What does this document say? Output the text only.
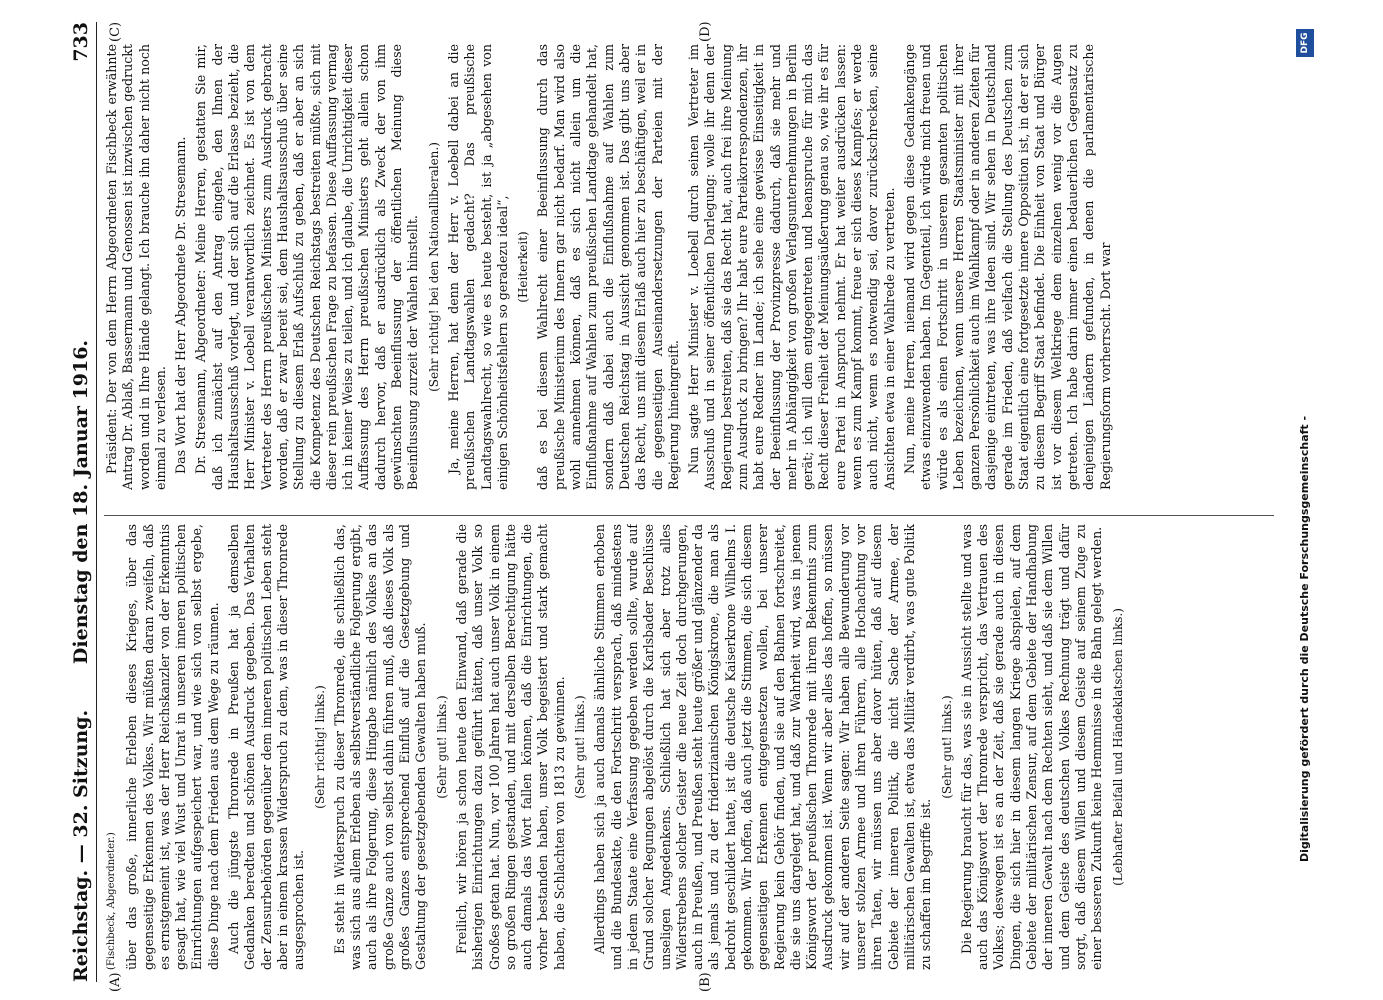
Reichstag. — 32. Sitzung.
Dienstag den 18. Januar 1916.
733
(A)	(B)
(C)	(D)

(Fischbeck, Abgeordneter.) über das große, innerliche Erleben dieses Krieges, über das gegenseitige Erkennen des Volkes. Wir müßten daran zweifeln, daß es ernstgemeint ist, was der Herr Reichskanzler von der Erkenntnis gesagt hat, wie viel Wust und Unrat in unseren inneren politischen Einrichtungen aufgespeichert war, und wie sich von selbst ergebe, diese Dinge nach dem Frieden aus dem Wege zu räumen. Auch die jüngste Thronrede in Preußen hat ja demselben Gedanken beredten und schönen Ausdruck gegeben. Das Verhalten der Zensurbehörden gegenüber dem inneren politischen Leben steht aber in einem krassen Widerspruch zu dem, was in dieser Thronrede ausgesprochen ist.

(Sehr richtig! links.) Es steht in Widerspruch zu dieser Thronrede, die schließlich das, was sich aus allem Erleben als selbstverständliche Folgerung ergibt, auch als ihre Folgerung, diese Hingabe nämlich des Volkes an das große Ganze auch von selbst dahin führen muß, daß dieses Volk als großes Ganzes entsprechend Einfluß auf die Gesetzgebung und Gestaltung der gesetzgebenden Gewalten haben muß. (Sehr gut! links.) Freilich, wir hören ja schon heute den Einwand, daß gerade die bisherigen Einrichtungen dazu geführt hätten, daß unser Volk so Großes getan hat. Nun, vor 100 Jahren hat auch unser Volk in einem so großen Ringen gestanden, und mit derselben Berechtigung hätte auch damals das Wort fallen können, daß die Einrichtungen, die vorher bestanden haben, unser Volk begeistert und stark gemacht haben, die Schlachten von 1813 zu gewinnen. (Sehr gut! links.) Allerdings haben sich ja auch damals ähnliche Stimmen erhoben und die Bundesakte, die den Fortschritt versprach, daß mindestens in jedem Staate eine Verfassung gegeben werden sollte, wurde auf Grund solcher Regungen abgelöst durch die Karlsbader Beschlüsse unseligen Angedenkens. Schließlich hat sich aber trotz alles Widerstrebens solcher Geister die neue Zeit doch durchgerungen, auch in Preußen, und Preußen steht heute größer und glänzender da als jemals und zu der friderizianischen Königskrone, die man als bedroht geschildert hatte, ist die deutsche Kaiserkrone Wilhelms I. gekommen. Wir hoffen, daß auch jetzt die Stimmen, die sich diesem gegenseitigen Erkennen entgegensetzen wollen, bei unserer Regierung kein Gehör finden, und sie auf den Bahnen fortschreitet, die sie uns dargelegt hat, und daß zur Wahrheit wird, was in jenem Königswort der preußischen Thronrede mit ihrem Bekenntnis zum Ausdruck gekommen ist. Wenn wir aber alles das hoffen, so müssen wir auf der anderen Seite sagen: Wir haben alle Bewunderung vor unserer stolzen Armee und ihren Führern, alle Hochachtung vor ihren Taten, wir müssen uns aber davor hüten, daß auf diesem Gebiete der inneren Politik, die nicht Sache der Armee, der militärischen Gewalten ist, etwa das Militär verdirbt, was gute Politik zu schaffen im Begriffe ist.

(Sehr gut! links.) Die Regierung braucht für das, was sie in Aussicht stellte und was auch das Königswort der Thronrede verspricht, das Vertrauen des Volkes; deswegen ist es an der Zeit, daß sie gerade auch in diesen Dingen, die sich hier in diesem langen Kriege abspielen, auf dem Gebiete der militärischen Zensur, auf dem Gebiete der Handhabung der inneren Gewalt nach dem Rechten sieht, und daß sie dem Willen und dem Geiste des deutschen Volkes Rechnung trägt und dafür sorgt, daß diesem Willen und diesem Geiste auf seinem Zuge zu einer besseren Zukunft keine Hemmnisse in die Bahn gelegt werden. (Lebhafter Beifall und Händeklatschen links.)

Präsident: Der von dem Herrn Abgeordneten Fischbeck erwähnte Antrag Dr. Ablaß, Bassermann und Genossen ist inzwischen gedruckt worden und in Ihre Hände gelangt. Ich brauche ihn daher nicht noch einmal zu verlesen. Das Wort hat der Herr Abgeordnete Dr. Stresemann. Dr. Stresemann, Abgeordneter: Meine Herren, gestatten Sie mir, daß ich zunächst auf den Antrag eingehe, den Ihnen der Haushaltsausschuß vorlegt, und der sich auf die Erlasse bezieht, die Herr Minister v. Loebell verantwortlich zeichnet. Es ist von dem Vertreter des Herrn preußischen Ministers zum Ausdruck gebracht worden, daß er zwar bereit sei, dem Haushaltsausschuß über seine Stellung zu diesem Erlaß Aufschluß zu geben, daß er aber an sich die Kompetenz des Deutschen Reichstags bestreiten müßte, sich mit dieser rein preußischen Frage zu befassen. Diese Auffassung vermag ich in keiner Weise zu teilen, und ich glaube, die Unrichtigkeit dieser Auffassung des Herrn preußischen Ministers geht allein schon dadurch hervor, daß er ausdrücklich als Zweck der von ihm gewünschten Beeinflussung der öffentlichen Meinung diese Beeinflussung zurzeit der Wahlen hinstellt. (Sehr richtig! bei den Nationalliberalen.) Ja, meine Herren, hat denn der Herr v. Loebell dabei an die preußischen Landtagswahlen gedacht? Das preußische Landtagswahlrecht, so wie es heute besteht, ist ja „abgesehen von einigen Schönheitsfehlern so geradezu ideal“, (Heiterkeit) daß es bei diesem Wahlrecht einer Beeinflussung durch das preußische Ministerium des Innern gar nicht bedarf. Man wird also wohl annehmen können, daß es sich nicht allein um die Einflußnahme auf Wahlen zum preußischen Landtage gehandelt hat, sondern daß dabei auch die Einflußnahme auf Wahlen zum Deutschen Reichstag in Aussicht genommen ist. Das gibt uns aber das Recht, uns mit diesem Erlaß auch hier zu beschäftigen, weil er in die gegenseitigen Auseinandersetzungen der Parteien mit der Regierung hineingreift. Nun sagte Herr Minister v. Loebell durch seinen Vertreter im Ausschuß und in seiner öffentlichen Darlegung: wolle ihr denn der Regierung bestreiten, daß sie das Recht hat, auch frei ihre Meinung zum Ausdruck zu bringen? Ihr habt eure Parteikorrespondenzen, ihr habt eure Redner im Lande; ich sehe eine gewisse Einseitigkeit in der Beeinflussung der Provinzpresse dadurch, daß sie mehr und mehr in Abhängigkeit von großen Verlagsunternehmungen in Berlin gerät; ich will dem entgegentreten und beanspruche für mich das Recht dieser Freiheit der Meinungsäußerung genau so, wie ihr es für eure Partei in Anspruch nehmt. Er hat weiter ausdrücken lassen: wenn es zum Kampf kommt, freue er sich dieses Kampfes; er werde auch nicht, wenn es notwendig sei, davor zurückschrecken, seine Ansichten etwa in einer Wahlrede zu vertreten. Nun, meine Herren, niemand wird gegen diese Gedankengänge etwas einzuwenden haben. Im Gegenteil, ich würde mich freuen und würde es als einen Fortschritt in unserem gesamten politischen Leben bezeichnen, wenn unsere Herren Staatsminister mit ihrer ganzen Persönlichkeit auch im Wahlkampf oder in anderen Zeiten für dasjenige eintreten, was ihre Ideen sind. Wir sehen in Deutschland gerade im Frieden, daß vielfach die Stellung des Deutschen zum Staat eigentlich eine fortgesetzte innere Opposition ist, in der er sich zu diesem Begriff Staat befindet. Die Einheit von Staat und Bürger ist vor diesem Weltkriege dem einzelnen wenig vor die Augen getreten. Ich habe darin immer einen bedauerlichen Gegensatz zu denjenigen Ländern gefunden, in denen die parlamentarische Regierungsform vorherrscht. Dort war

Digitalisierung gefördert durch die Deutsche Forschungsgemeinschaft -
DFG
